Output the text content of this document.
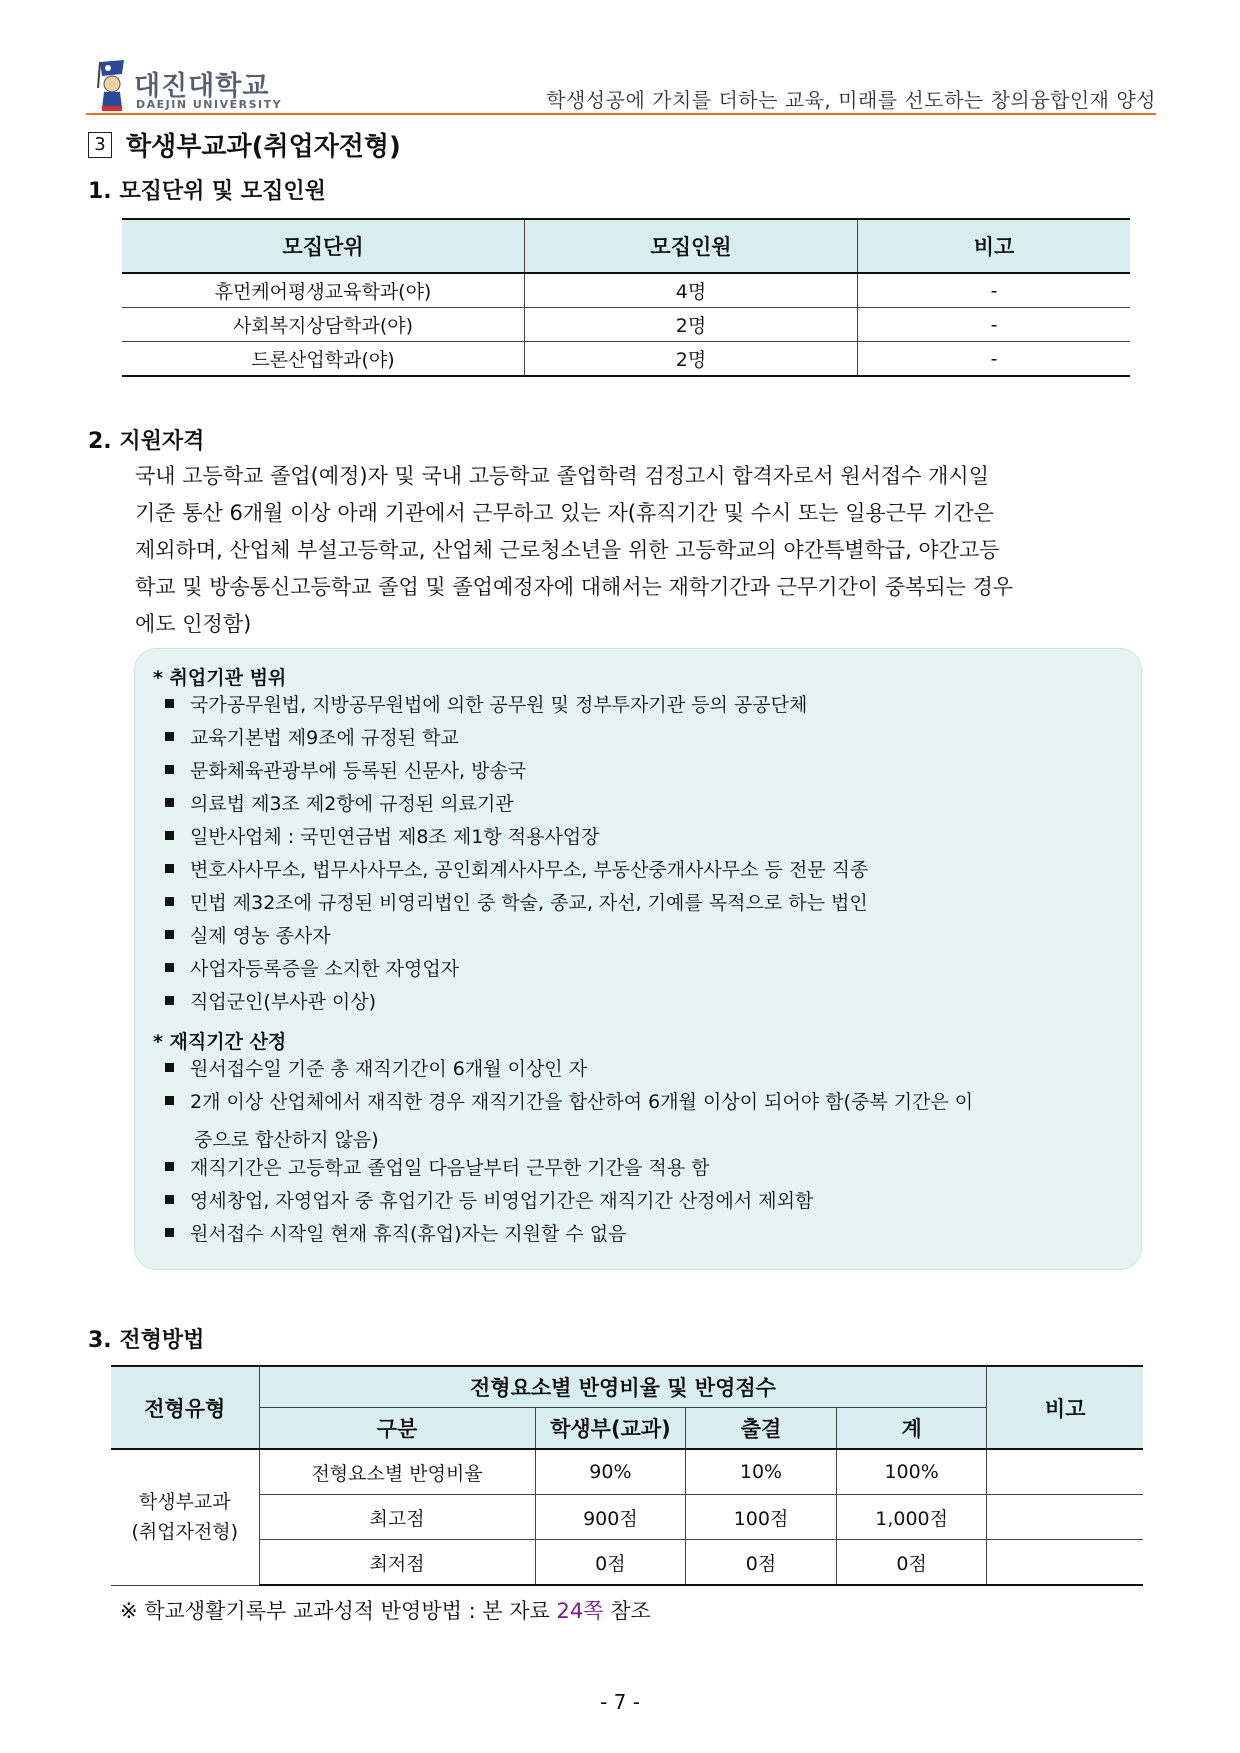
대진대학교
DAEJIN UNIVERSITY	학생성공에 가치를 더하는 교육, 미래를 선도하는 창의융합인재 양성
3 학생부교과(취업자전형)
1. 모집단위 및 모집인원
모집단위	모집인원	비고
휴먼케어평생교육학과(야)	4명	-
사회복지상담학과(야)	2명	-
드론산업학과(야)	2명	-
2. 지원자격
국내 고등학교 졸업(예정)자 및 국내 고등학교 졸업학력 검정고시 합격자로서 원서접수 개시일
기준 통산 6개월 이상 아래 기관에서 근무하고 있는 자(휴직기간 및 수시 또는 일용근무 기간은
제외하며, 산업체 부설고등학교, 산업체 근로청소년을 위한 고등학교의 야간특별학급, 야간고등
학교 및 방송통신고등학교 졸업 및 졸업예정자에 대해서는 재학기간과 근무기간이 중복되는 경우
에도 인정함)
* 취업기관 범위
국가공무원법, 지방공무원법에 의한 공무원 및 정부투자기관 등의 공공단체
교육기본법 제9조에 규정된 학교
문화체육관광부에 등록된 신문사, 방송국
의료법 제3조 제2항에 규정된 의료기관
일반사업체 : 국민연금법 제8조 제1항 적용사업장
변호사사무소, 법무사사무소, 공인회계사사무소, 부동산중개사사무소 등 전문 직종
민법 제32조에 규정된 비영리법인 중 학술, 종교, 자선, 기예를 목적으로 하는 법인
실제 영농 종사자
사업자등록증을 소지한 자영업자
직업군인(부사관 이상)
* 재직기간 산정
원서접수일 기준 총 재직기간이 6개월 이상인 자
2개 이상 산업체에서 재직한 경우 재직기간을 합산하여 6개월 이상이 되어야 함(중복 기간은 이
중으로 합산하지 않음)
재직기간은 고등학교 졸업일 다음날부터 근무한 기간을 적용 함
영세창업, 자영업자 중 휴업기간 등 비영업기간은 재직기간 산정에서 제외함
원서접수 시작일 현재 휴직(휴업)자는 지원할 수 없음
3. 전형방법
전형유형	전형요소별 반영비율 및 반영점수				비고
	구분	학생부(교과)	출결	계	

학생부교과
(취업자전형)	전형요소별 반영비율	90%	10%	100%	
	최고점	900점	100점	1,000점	
	최저점	0점	0점	0점	
※ 학교생활기록부 교과성적 반영방법 : 본 자료 24쪽 참조
- 7 -
